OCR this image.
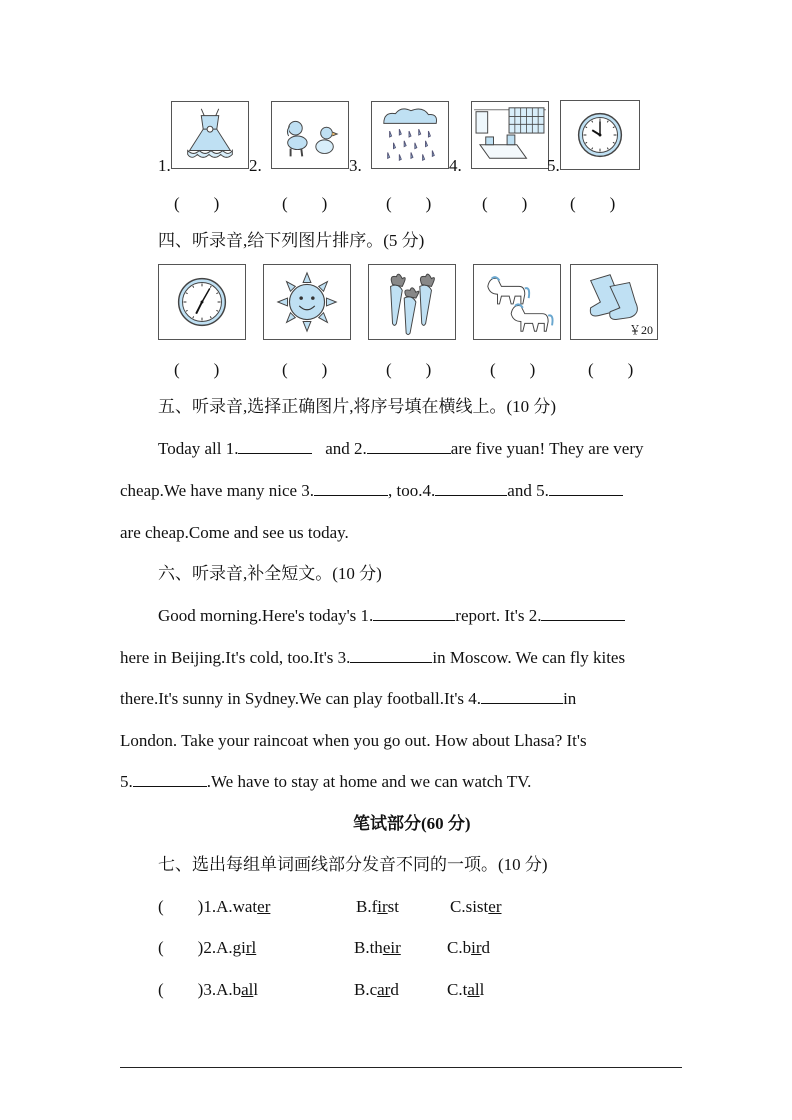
1.	2.	3.	4.	5.
(　　)	(　　)	(　　)	(　　)	(　　)
四、听录音,给下列图片排序。(5 分)
￥20
(　　)	(　　)	(　　)	(　　)	(　　)
五、听录音,选择正确图片,将序号填在横线上。(10 分)
Today all 1.	and 2.	are five yuan! They are very
cheap.We have many nice 3.	, too.4.	and 5.
are cheap.Come and see us today.
六、听录音,补全短文。(10 分)
Good morning.Here's today's 1.	report. It's 2.
here in Beijing.It's cold, too.It's 3.	in Moscow. We can fly kites
there.It's sunny in Sydney.We can play football.It's 4.	in
London. Take your raincoat when you go out. How about Lhasa? It's
5.	.We have to stay at home and we can watch TV.
笔试部分(60 分)
七、选出每组单词画线部分发音不同的一项。(10 分)
(　　)1.A.water	B.first	C.sister
(　　)2.A.girl	B.their	C.bird
(　　)3.A.ball	B.card	C.tall
